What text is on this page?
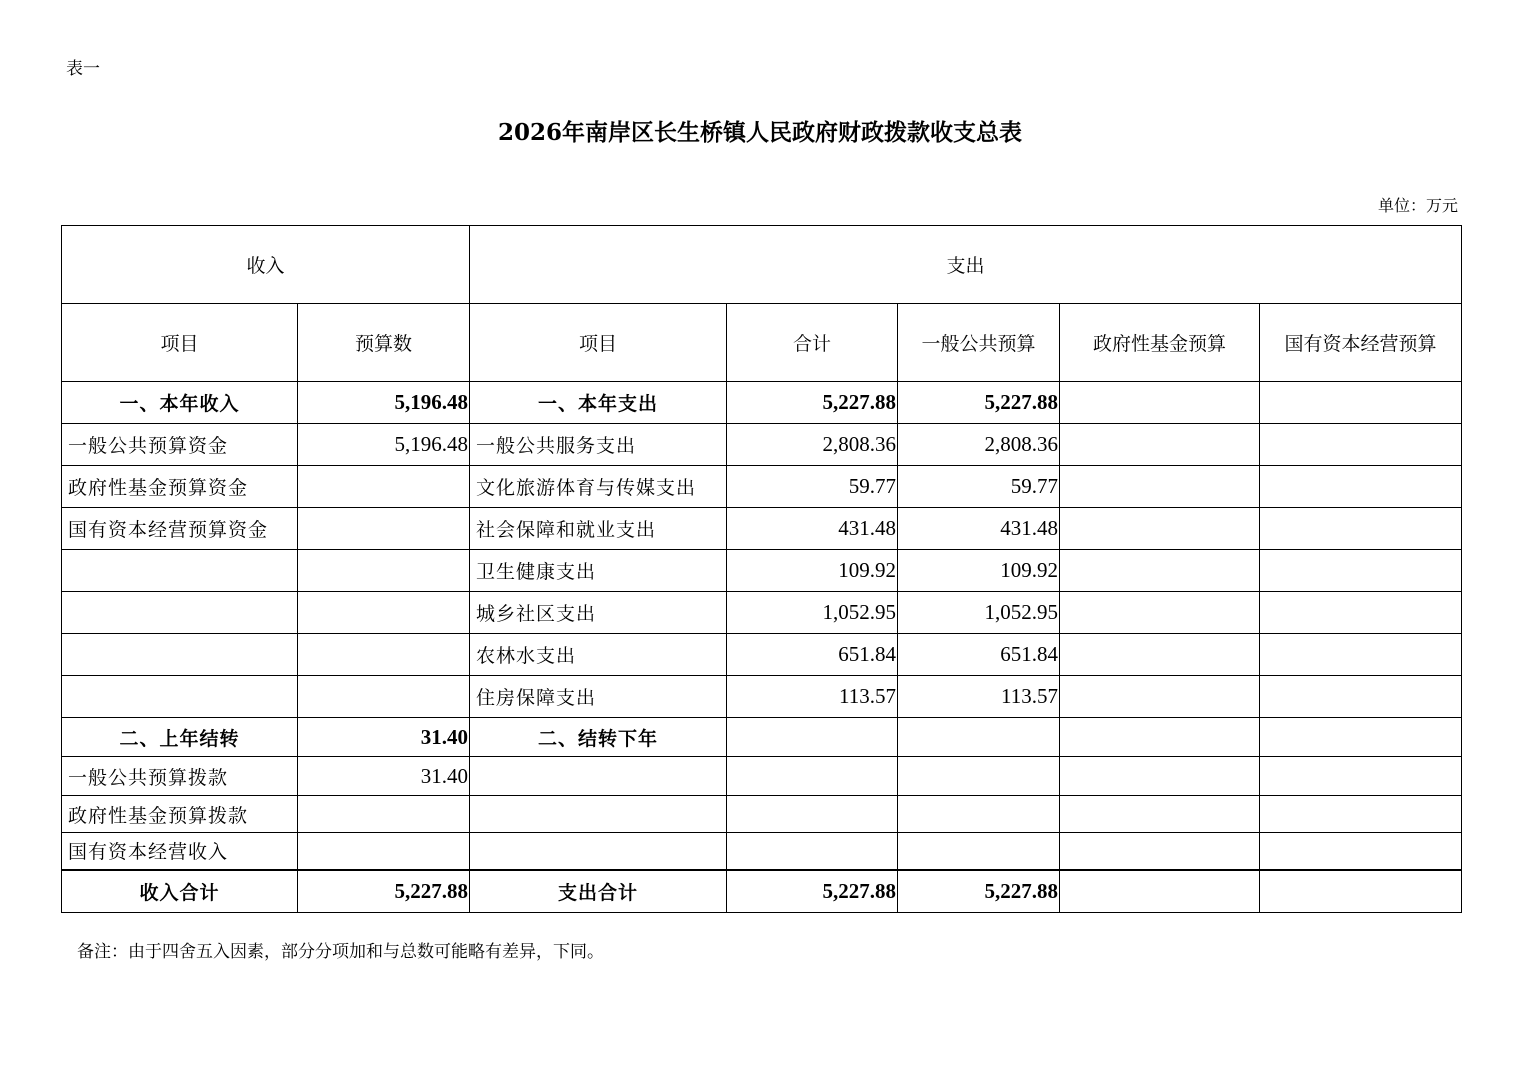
表一
2026年南岸区长生桥镇人民政府财政拨款收支总表
单位：万元
收入		支出				
项目	预算数	项目	合计	一般公共预算	政府性基金预算	国有资本经营预算
一、本年收入	5,196.48	一、本年支出	5,227.88	5,227.88		
一般公共预算资金	5,196.48	一般公共服务支出	2,808.36	2,808.36		
政府性基金预算资金		文化旅游体育与传媒支出	59.77	59.77		
国有资本经营预算资金		社会保障和就业支出	431.48	431.48		
		卫生健康支出	109.92	109.92		
		城乡社区支出	1,052.95	1,052.95		
		农林水支出	651.84	651.84		
		住房保障支出	113.57	113.57		
二、上年结转	31.40	二、结转下年				
一般公共预算拨款	31.40					
政府性基金预算拨款						
国有资本经营收入						
收入合计	5,227.88	支出合计	5,227.88	5,227.88		
备注：由于四舍五入因素，部分分项加和与总数可能略有差异，下同。
